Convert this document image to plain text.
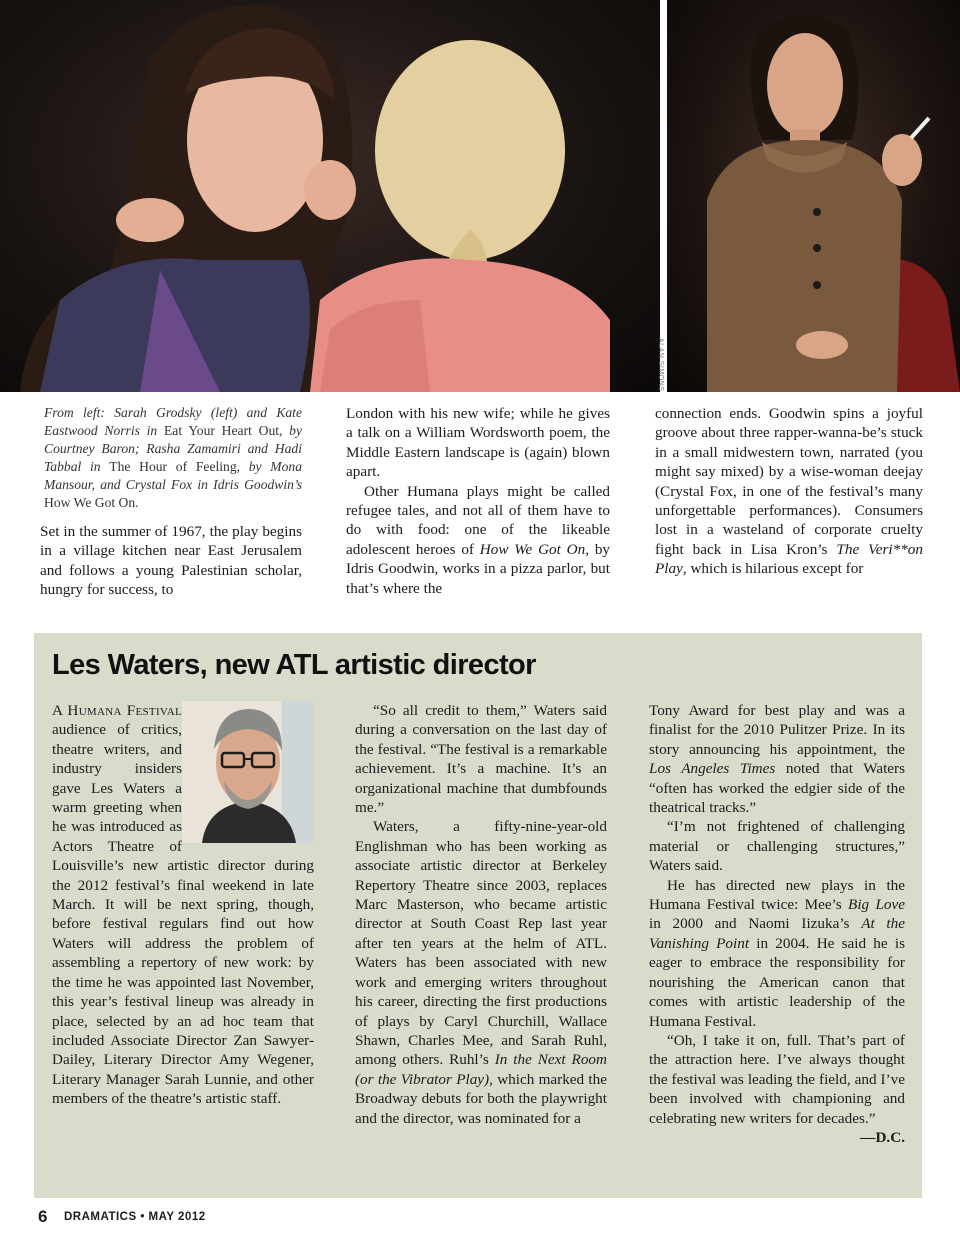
ALAN SIMONS

From left: Sarah Grodsky (left) and Kate Eastwood Norris in Eat Your Heart Out, by Courtney Baron; Rasha Zamamiri and Hadi Tabbal in The Hour of Feeling, by Mona Mansour, and Crystal Fox in Idris Goodwin’s How We Got On.

Set in the summer of 1967, the play begins in a village kitchen near East Jerusalem and follows a young Palestinian scholar, hungry for success, to

London with his new wife; while he gives a talk on a William Wordsworth poem, the Middle Eastern landscape is (again) blown apart.

Other Humana plays might be called refugee tales, and not all of them have to do with food: one of the likeable adolescent heroes of How We Got On, by Idris Goodwin, works in a pizza parlor, but that’s where the

connection ends. Goodwin spins a joyful groove about three rapper-wanna-be’s stuck in a small midwestern town, narrated (you might say mixed) by a wise-woman deejay (Crystal Fox, in one of the festival’s many unforgettable performances). Consumers lost in a wasteland of corporate cruelty fight back in Lisa Kron’s The Veri**on Play, which is hilarious except for

Les Waters, new ATL artistic director

A Humana Festival audience of critics, theatre writers, and industry insiders gave Les Waters a warm greeting when he was introduced as Actors Theatre of Louisville’s new artistic director during the 2012 festival’s final weekend in late March. It will be next spring, though, before festival regulars find out how Waters will address the problem of assembling a repertory of new work: by the time he was appointed last November, this year’s festival lineup was already in place, selected by an ad hoc team that included Associate Director Zan Sawyer-Dailey, Literary Director Amy Wegener, Literary Manager Sarah Lunnie, and other members of the theatre’s artistic staff.

“So all credit to them,” Waters said during a conversation on the last day of the festival. “The festival is a remarkable achievement. It’s a machine. It’s an organizational machine that dumbfounds me.”

Waters, a fifty-nine-year-old Englishman who has been working as associate artistic director at Berkeley Repertory Theatre since 2003, replaces Marc Masterson, who became artistic director at South Coast Rep last year after ten years at the helm of ATL. Waters has been associated with new work and emerging writers throughout his career, directing the first productions of plays by Caryl Churchill, Wallace Shawn, Charles Mee, and Sarah Ruhl, among others. Ruhl’s In the Next Room (or the Vibrator Play), which marked the Broadway debuts for both the playwright and the director, was nominated for a

Tony Award for best play and was a finalist for the 2010 Pulitzer Prize. In its story announcing his appointment, the Los Angeles Times noted that Waters “often has worked the edgier side of the theatrical tracks.”

“I’m not frightened of challenging material or challenging structures,” Waters said.

He has directed new plays in the Humana Festival twice: Mee’s Big Love in 2000 and Naomi Iizuka’s At the Vanishing Point in 2004. He said he is eager to embrace the responsibility for nourishing the American canon that comes with artistic leadership of the Humana Festival.

“Oh, I take it on, full. That’s part of the attraction here. I’ve always thought the festival was leading the field, and I’ve been involved with championing and celebrating new writers for decades.”

—D.C.

6 DRAMATICS • MAY 2012
